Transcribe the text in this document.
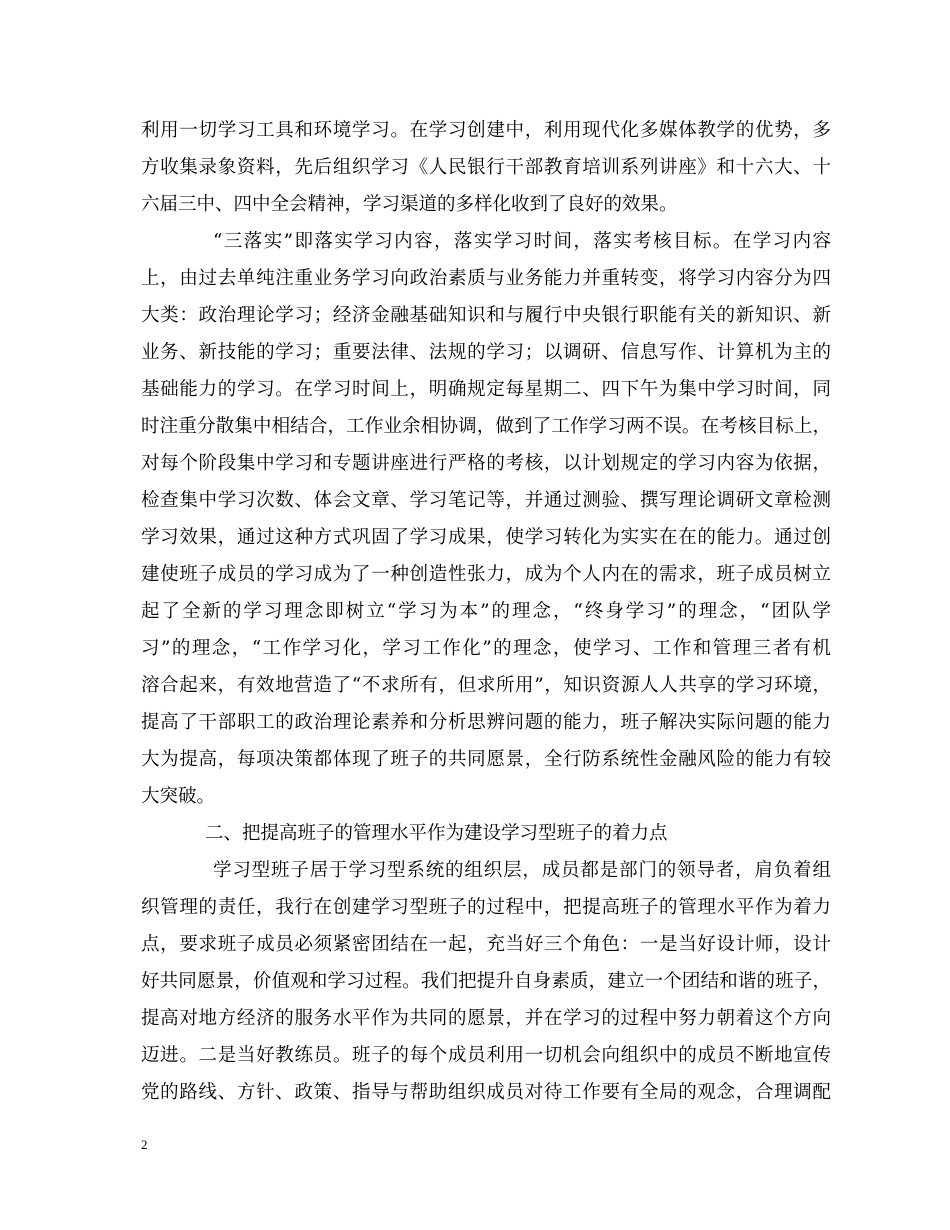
利用一切学习工具和环境学习。在学习创建中，利用现代化多媒体教学的优势，多
方收集录象资料，先后组织学习《人民银行干部教育培训系列讲座》和十六大、十
六届三中、四中全会精神，学习渠道的多样化收到了良好的效果。
“三落实”即落实学习内容，落实学习时间，落实考核目标。在学习内容
上，由过去单纯注重业务学习向政治素质与业务能力并重转变，将学习内容分为四
大类：政治理论学习；经济金融基础知识和与履行中央银行职能有关的新知识、新
业务、新技能的学习；重要法律、法规的学习；以调研、信息写作、计算机为主的
基础能力的学习。在学习时间上，明确规定每星期二、四下午为集中学习时间，同
时注重分散集中相结合，工作业余相协调，做到了工作学习两不误。在考核目标上，
对每个阶段集中学习和专题讲座进行严格的考核，以计划规定的学习内容为依据，
检查集中学习次数、体会文章、学习笔记等，并通过测验、撰写理论调研文章检测
学习效果，通过这种方式巩固了学习成果，使学习转化为实实在在的能力。通过创
建使班子成员的学习成为了一种创造性张力，成为个人内在的需求，班子成员树立
起了全新的学习理念即树立“学习为本”的理念，“终身学习”的理念，“团队学
习”的理念，“工作学习化，学习工作化”的理念，使学习、工作和管理三者有机
溶合起来，有效地营造了“不求所有，但求所用”，知识资源人人共享的学习环境，
提高了干部职工的政治理论素养和分析思辨问题的能力，班子解决实际问题的能力
大为提高，每项决策都体现了班子的共同愿景，全行防系统性金融风险的能力有较
大突破。
二、把提高班子的管理水平作为建设学习型班子的着力点
学习型班子居于学习型系统的组织层，成员都是部门的领导者，肩负着组
织管理的责任，我行在创建学习型班子的过程中，把提高班子的管理水平作为着力
点，要求班子成员必须紧密团结在一起，充当好三个角色：一是当好设计师，设计
好共同愿景，价值观和学习过程。我们把提升自身素质，建立一个团结和谐的班子，
提高对地方经济的服务水平作为共同的愿景，并在学习的过程中努力朝着这个方向
迈进。二是当好教练员。班子的每个成员利用一切机会向组织中的成员不断地宣传
党的路线、方针、政策、指导与帮助组织成员对待工作要有全局的观念，合理调配
2
